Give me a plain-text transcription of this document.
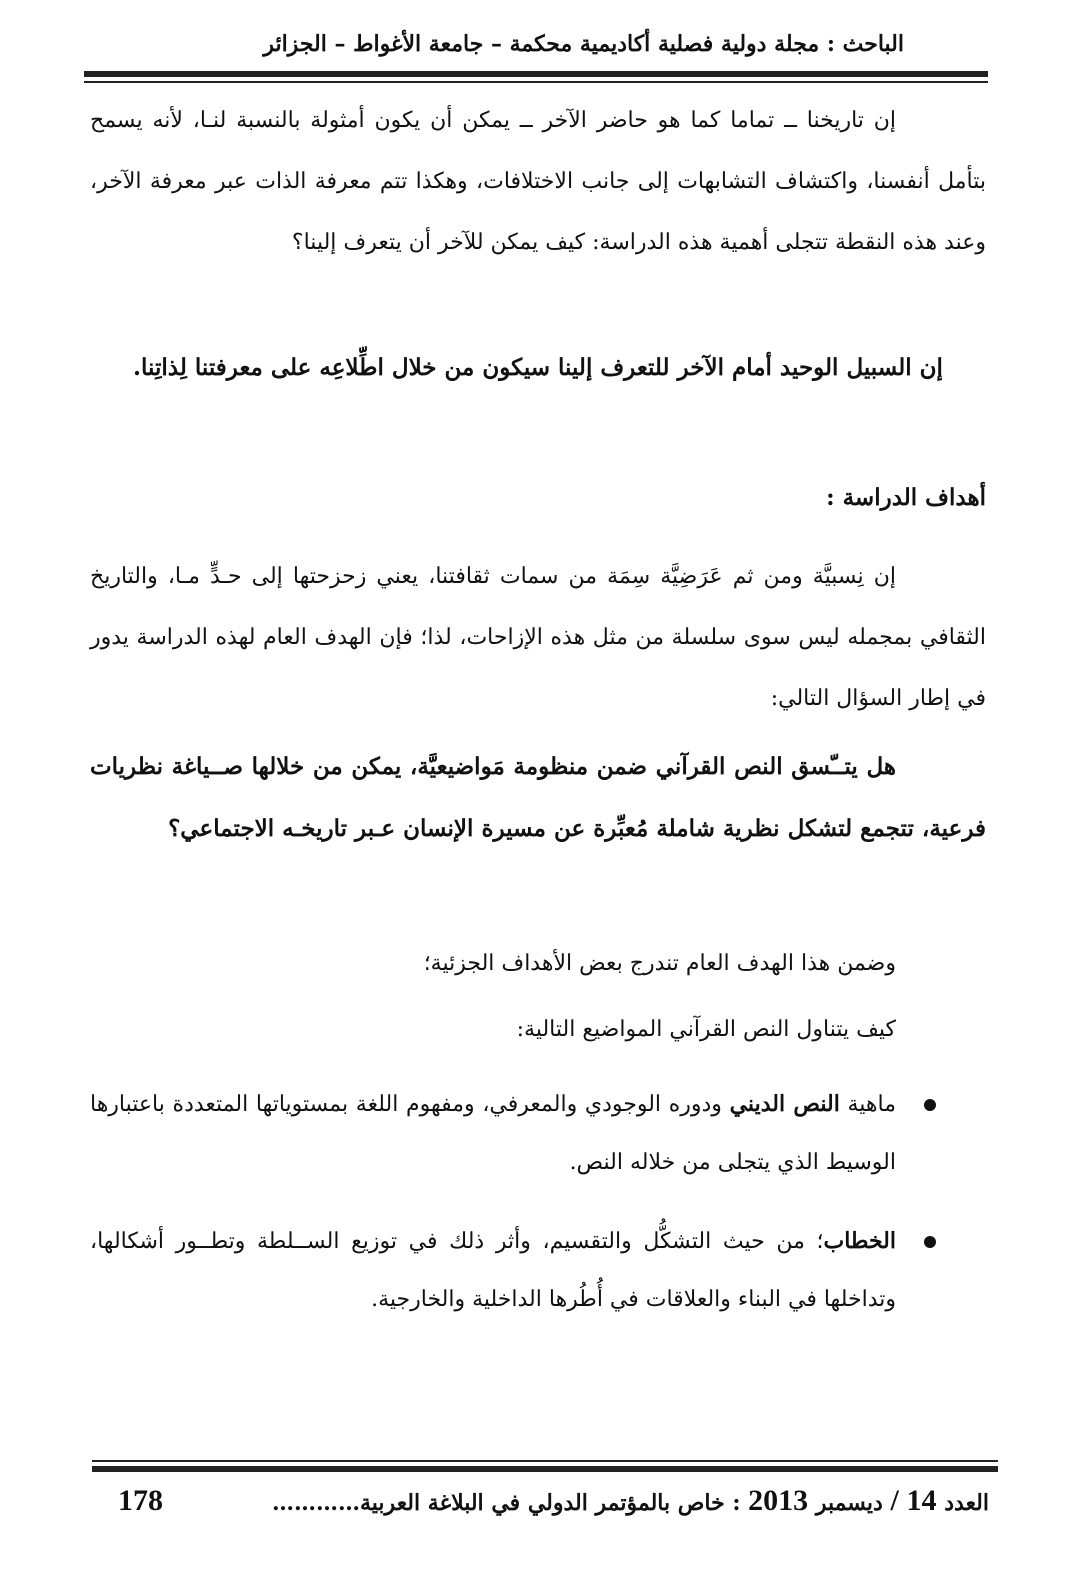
الباحث : مجلة دولية فصلية أكاديمية محكمة – جامعة الأغواط – الجزائر

إن تاريخنا ــ تماما كما هو حاضر الآخر ــ يمكن أن يكون أمثولة بالنسبة لنـا، لأنه يسمح بتأمل أنفسنا، واكتشاف التشابهات إلى جانب الاختلافات، وهكذا تتم معرفة الذات عبر معرفة الآخر، وعند هذه النقطة تتجلى أهمية هذه الدراسة: كيف يمكن للآخر أن يتعرف إلينا؟

إن السبيل الوحيد أمام الآخر للتعرف إلينا سيكون من خلال اطِّلاعِه على معرفتنا لِذاتِنا.

أهداف الدراسة :

إن نِسبيَّة ومن ثم عَرَضِيَّة سِمَة من سمات ثقافتنا، يعني زحزحتها إلى حـدٍّ مـا، والتاريخ الثقافي بمجمله ليس سوى سلسلة من مثل هذه الإزاحات، لذا؛ فإن الهدف العام لهذه الدراسة يدور في إطار السؤال التالي:

هل يتــّسق النص القرآني ضمن منظومة مَواضيعيَّة، يمكن من خلالها صــياغة نظريات فرعية، تتجمع لتشكل نظرية شاملة مُعبِّرة عن مسيرة الإنسان عـبر تاريخـه الاجتماعي؟

وضمن هذا الهدف العام تندرج بعض الأهداف الجزئية؛

كيف يتناول النص القرآني المواضيع التالية:

ماهية النص الديني ودوره الوجودي والمعرفي، ومفهوم اللغة بمستوياتها المتعددة باعتبارها الوسيط الذي يتجلى من خلاله النص.
الخطاب؛ من حيث التشكُّل والتقسيم، وأثر ذلك في توزيع الســلطة وتطــور أشكالها، وتداخلها في البناء والعلاقات في أُطُرها الداخلية والخارجية.
العدد 14 / ديسمبر 2013 : خاص بالمؤتمر الدولي في البلاغة العربية…………
178
